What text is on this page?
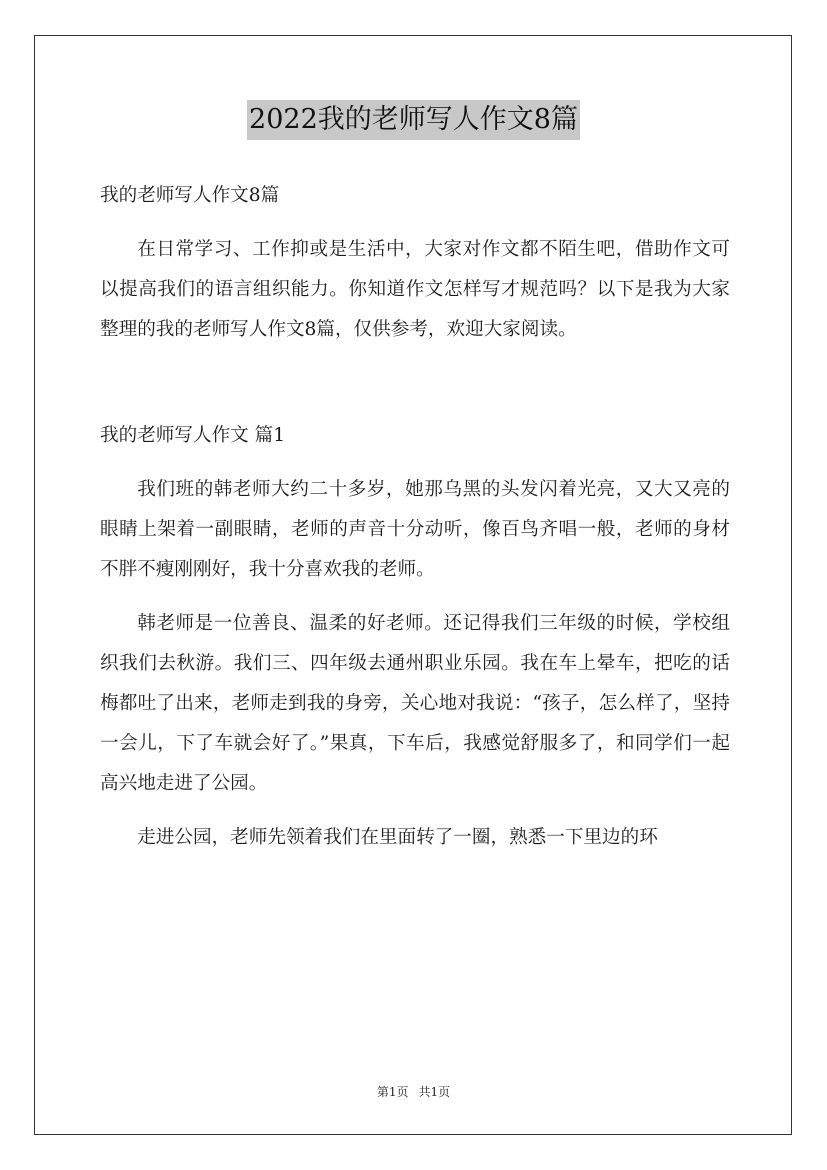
2022我的老师写人作文8篇

我的老师写人作文8篇

在日常学习、工作抑或是生活中，大家对作文都不陌生吧，借助作文可以提高我们的语言组织能力。你知道作文怎样写才规范吗？以下是我为大家整理的我的老师写人作文8篇，仅供参考，欢迎大家阅读。

我的老师写人作文 篇1

我们班的韩老师大约二十多岁，她那乌黑的头发闪着光亮，又大又亮的眼睛上架着一副眼睛，老师的声音十分动听，像百鸟齐唱一般，老师的身材不胖不瘦刚刚好，我十分喜欢我的老师。

韩老师是一位善良、温柔的好老师。还记得我们三年级的时候，学校组织我们去秋游。我们三、四年级去通州职业乐园。我在车上晕车，把吃的话梅都吐了出来，老师走到我的身旁，关心地对我说：“孩子，怎么样了，坚持一会儿，下了车就会好了。”果真，下车后，我感觉舒服多了，和同学们一起高兴地走进了公园。

走进公园，老师先领着我们在里面转了一圈，熟悉一下里边的环

第1页 共1页
